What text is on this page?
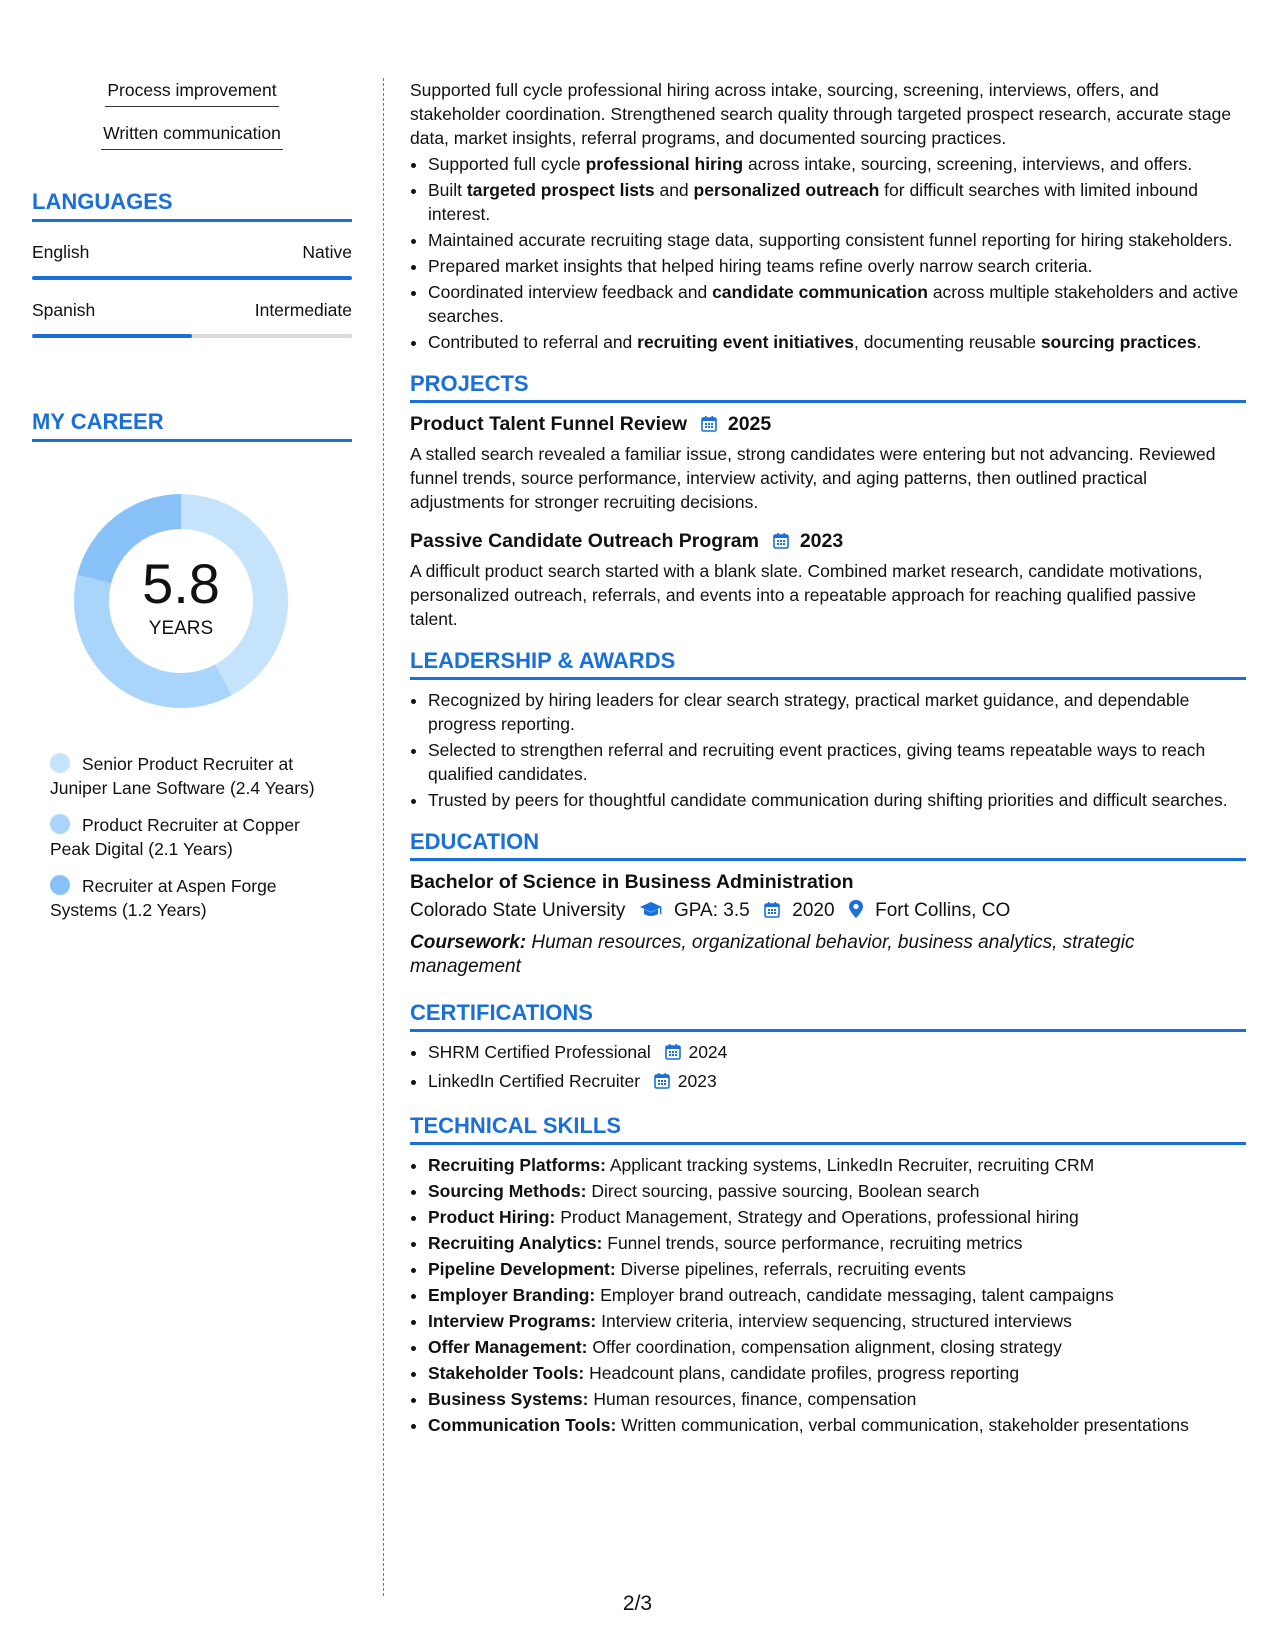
Process improvement
Written communication
LANGUAGES
English	Native
Spanish	Intermediate
MY CAREER
5.8
YEARS
Senior Product Recruiter at Juniper Lane Software (2.4 Years)
Product Recruiter at Copper Peak Digital (2.1 Years)
Recruiter at Aspen Forge Systems (1.2 Years)

Supported full cycle professional hiring across intake, sourcing, screening, interviews, offers, and stakeholder coordination. Strengthened search quality through targeted prospect research, accurate stage data, market insights, referral programs, and documented sourcing practices.

• Supported full cycle professional hiring across intake, sourcing, screening, interviews, and offers.
• Built targeted prospect lists and personalized outreach for difficult searches with limited inbound interest.
• Maintained accurate recruiting stage data, supporting consistent funnel reporting for hiring stakeholders.
• Prepared market insights that helped hiring teams refine overly narrow search criteria.
• Coordinated interview feedback and candidate communication across multiple stakeholders and active searches.
• Contributed to referral and recruiting event initiatives, documenting reusable sourcing practices.
PROJECTS
Product Talent Funnel Review 2025

A stalled search revealed a familiar issue, strong candidates were entering but not advancing. Reviewed funnel trends, source performance, interview activity, and aging patterns, then outlined practical adjustments for stronger recruiting decisions.

Passive Candidate Outreach Program 2023

A difficult product search started with a blank slate. Combined market research, candidate motivations, personalized outreach, referrals, and events into a repeatable approach for reaching qualified passive talent.

LEADERSHIP & AWARDS
• Recognized by hiring leaders for clear search strategy, practical market guidance, and dependable progress reporting.
• Selected to strengthen referral and recruiting event practices, giving teams repeatable ways to reach qualified candidates.
• Trusted by peers for thoughtful candidate communication during shifting priorities and difficult searches.
EDUCATION
Bachelor of Science in Business Administration
Colorado State University	GPA: 3.5 2020 Fort Collins, CO
Coursework: Human resources, organizational behavior, business analytics, strategic management
CERTIFICATIONS
• SHRM Certified Professional 2024
• LinkedIn Certified Recruiter 2023
TECHNICAL SKILLS
• Recruiting Platforms: Applicant tracking systems, LinkedIn Recruiter, recruiting CRM
• Sourcing Methods: Direct sourcing, passive sourcing, Boolean search
• Product Hiring: Product Management, Strategy and Operations, professional hiring
• Recruiting Analytics: Funnel trends, source performance, recruiting metrics
• Pipeline Development: Diverse pipelines, referrals, recruiting events
• Employer Branding: Employer brand outreach, candidate messaging, talent campaigns
• Interview Programs: Interview criteria, interview sequencing, structured interviews
• Offer Management: Offer coordination, compensation alignment, closing strategy
• Stakeholder Tools: Headcount plans, candidate profiles, progress reporting
• Business Systems: Human resources, finance, compensation
• Communication Tools: Written communication, verbal communication, stakeholder presentations
2/3
